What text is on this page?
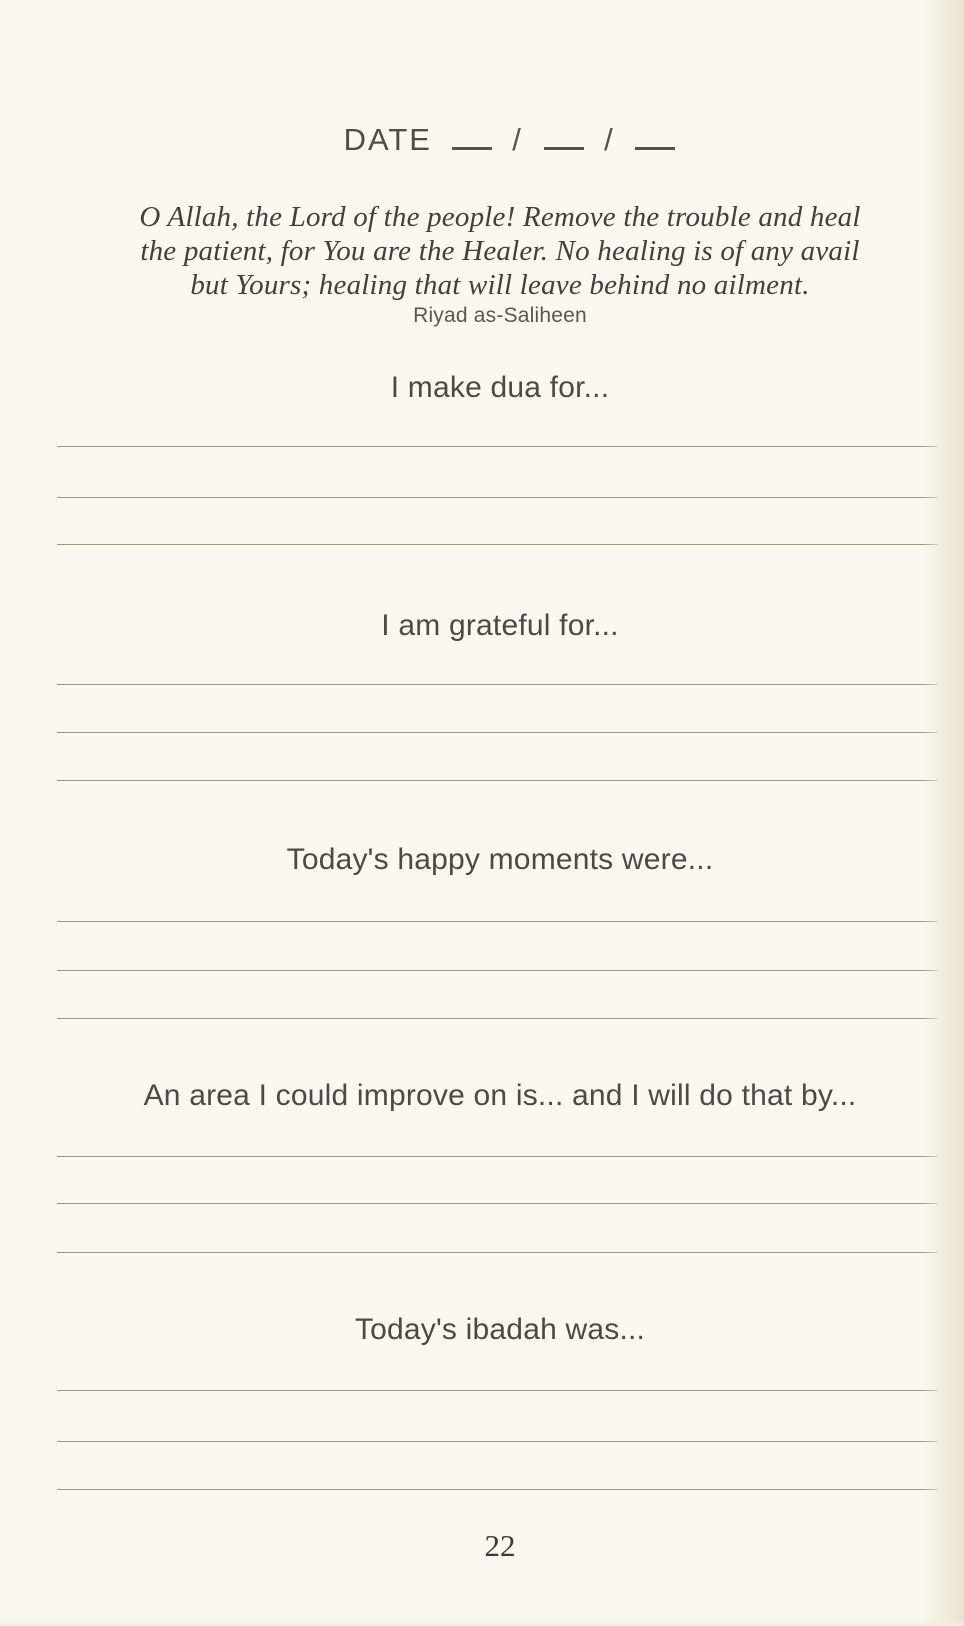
DATE	/	/
O Allah, the Lord of the people! Remove the trouble and heal
the patient, for You are the Healer. No healing is of any avail
but Yours; healing that will leave behind no ailment.
Riyad as-Saliheen
I make dua for...
I am grateful for...
Today's happy moments were...
An area I could improve on is... and I will do that by...
Today's ibadah was...
22
